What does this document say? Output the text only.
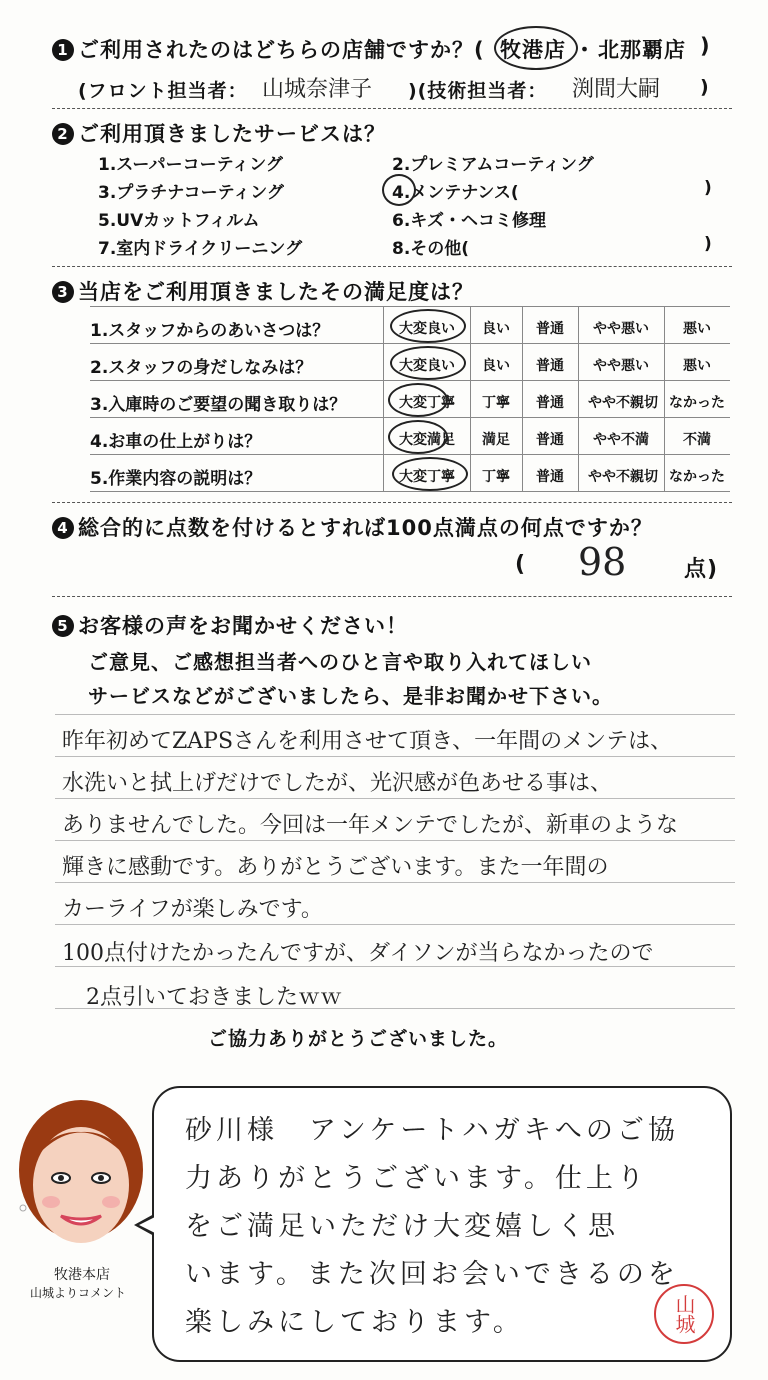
1 ご利用されたのはどちらの店舗ですか？( 牧港店 ・ 北那覇店 )
(フロント担当者： 山城奈津子 )(技術担当者： 渕間大嗣 )
2 ご利用頂きましたサービスは？
1.スーパーコーティング	2.プレミアムコーティング
3.プラチナコーティング	4.メンテナンス(	)
5.UVカットフィルム	6.キズ・ヘコミ修理
7.室内ドライクリーニング	8.その他(	)
3 当店をご利用頂きましたその満足度は？
1.スタッフからのあいさつは？	大変良い	良い	普通	やや悪い	悪い
2.スタッフの身だしなみは？	大変良い	良い	普通	やや悪い	悪い
3.入庫時のご要望の聞き取りは？	大変丁寧	丁寧	普通	やや不親切 なかった
4.お車の仕上がりは？	大変満足	満足	普通	やや不満	不満
5.作業内容の説明は？	大変丁寧	丁寧	普通	やや不親切 なかった
4 総合的に点数を付けるとすれば100点満点の何点ですか？
( 98	点)
5 お客様の声をお聞かせください！
ご意見、ご感想担当者へのひと言や取り入れてほしい
サービスなどがございましたら、是非お聞かせ下さい。
昨年初めてZAPSさんを利用させて頂き、一年間のメンテは、
水洗いと拭上げだけでしたが、光沢感が色あせる事は、
ありませんでした。今回は一年メンテでしたが、新車のような
輝きに感動です。ありがとうございます。また一年間の
カーライフが楽しみです。
100点付けたかったんですが、ダイソンが当らなかったので
2点引いておきましたｗｗ
ご協力ありがとうございました。
牧港本店
山城よりコメント
砂川様　アンケートハガキへのご協
力ありがとうございます。仕上り
をご満足いただけ大変嬉しく思
います。また次回お会いできるのを
楽しみにしております。	山城
